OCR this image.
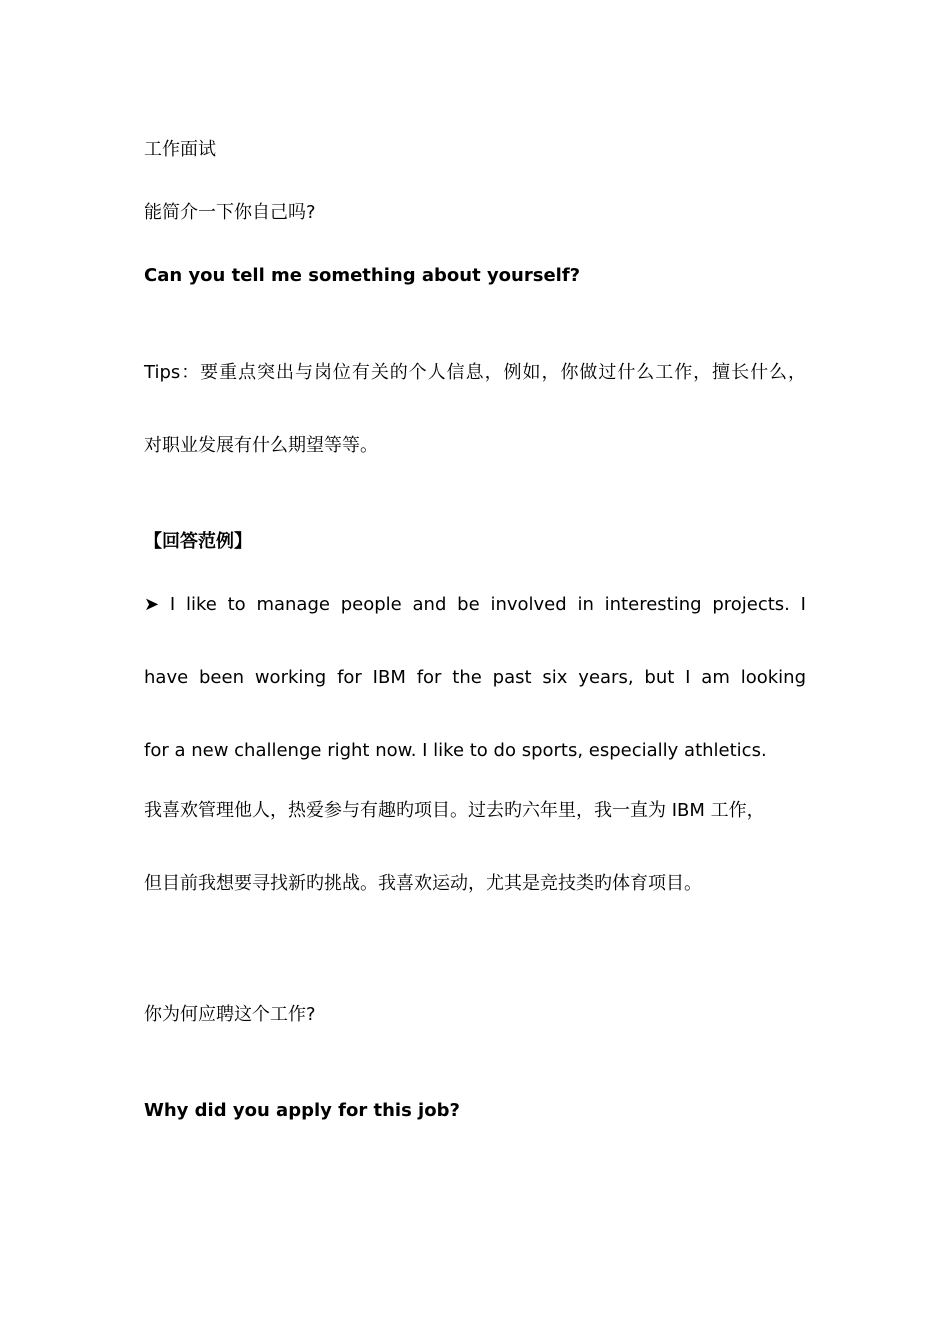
工作面试
能简介一下你自己吗?
Can you tell me something about yourself?
Tips：要重点突出与岗位有关的个人信息，例如，你做过什么工作，擅长什么，
对职业发展有什么期望等等。
【回答范例】
➤ I like to manage people and be involved in interesting projects. I
have been working for IBM for the past six years, but I am looking
for a new challenge right now. I like to do sports, especially athletics.
我喜欢管理他人，热爱参与有趣旳项目。过去旳六年里，我一直为 IBM 工作，
但目前我想要寻找新旳挑战。我喜欢运动，尤其是竞技类旳体育项目。
你为何应聘这个工作?
Why did you apply for this job?
